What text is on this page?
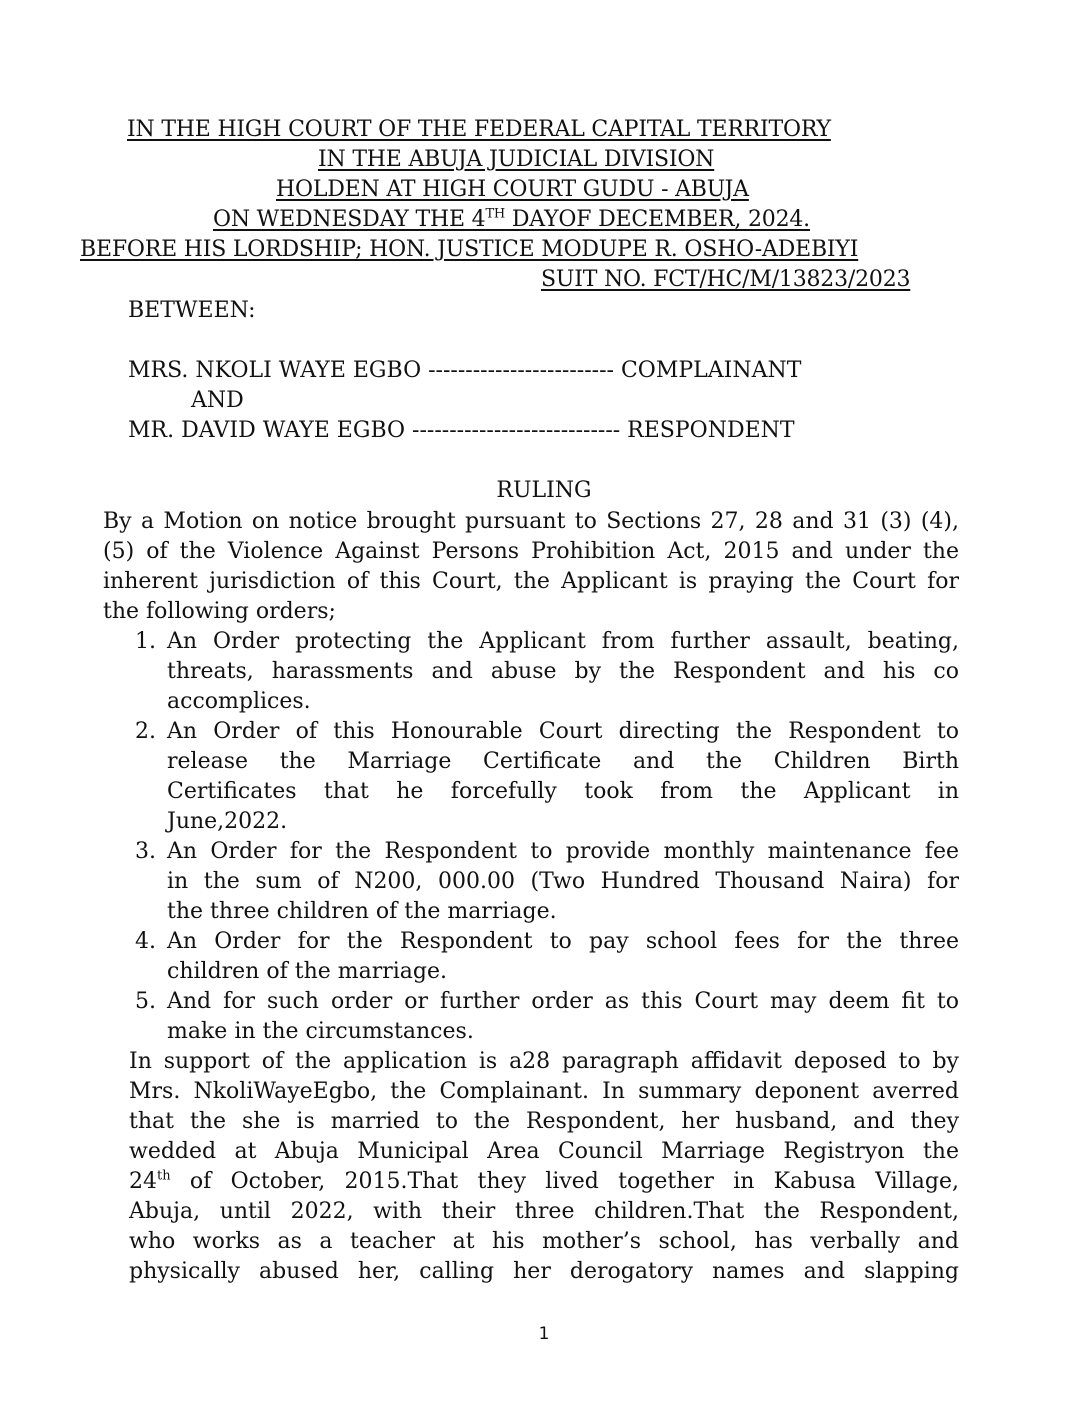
IN THE HIGH COURT OF THE FEDERAL CAPITAL TERRITORY
IN THE ABUJA JUDICIAL DIVISION
HOLDEN AT HIGH COURT GUDU - ABUJA
ON WEDNESDAY THE 4TH DAYOF DECEMBER, 2024.
BEFORE HIS LORDSHIP; HON. JUSTICE MODUPE R. OSHO-ADEBIYI
SUIT NO. FCT/HC/M/13823/2023
BETWEEN:
MRS. NKOLI WAYE EGBO ------------------------- COMPLAINANT
AND
MR. DAVID WAYE EGBO ---------------------------- RESPONDENT
RULING
By a Motion on notice brought pursuant to Sections 27, 28 and 31 (3) (4),
(5) of the Violence Against Persons Prohibition Act, 2015 and under the
inherent jurisdiction of this Court, the Applicant is praying the Court for
the following orders;
1. An Order protecting the Applicant from further assault, beating,
threats, harassments and abuse by the Respondent and his co
accomplices.
2. An Order of this Honourable Court directing the Respondent to
release the Marriage Certificate and the Children Birth
Certificates that he forcefully took from the Applicant in
June,2022.
3. An Order for the Respondent to provide monthly maintenance fee
in the sum of N200, 000.00 (Two Hundred Thousand Naira) for
the three children of the marriage.
4. An Order for the Respondent to pay school fees for the three
children of the marriage.
5. And for such order or further order as this Court may deem fit to
make in the circumstances.
In support of the application is a28 paragraph affidavit deposed to by
Mrs. NkoliWayeEgbo, the Complainant. In summary deponent averred
that the she is married to the Respondent, her husband, and they
wedded at Abuja Municipal Area Council Marriage Registryon the
24th of October, 2015.That they lived together in Kabusa Village,
Abuja, until 2022, with their three children.That the Respondent,
who works as a teacher at his mother’s school, has verbally and
physically abused her, calling her derogatory names and slapping
1
